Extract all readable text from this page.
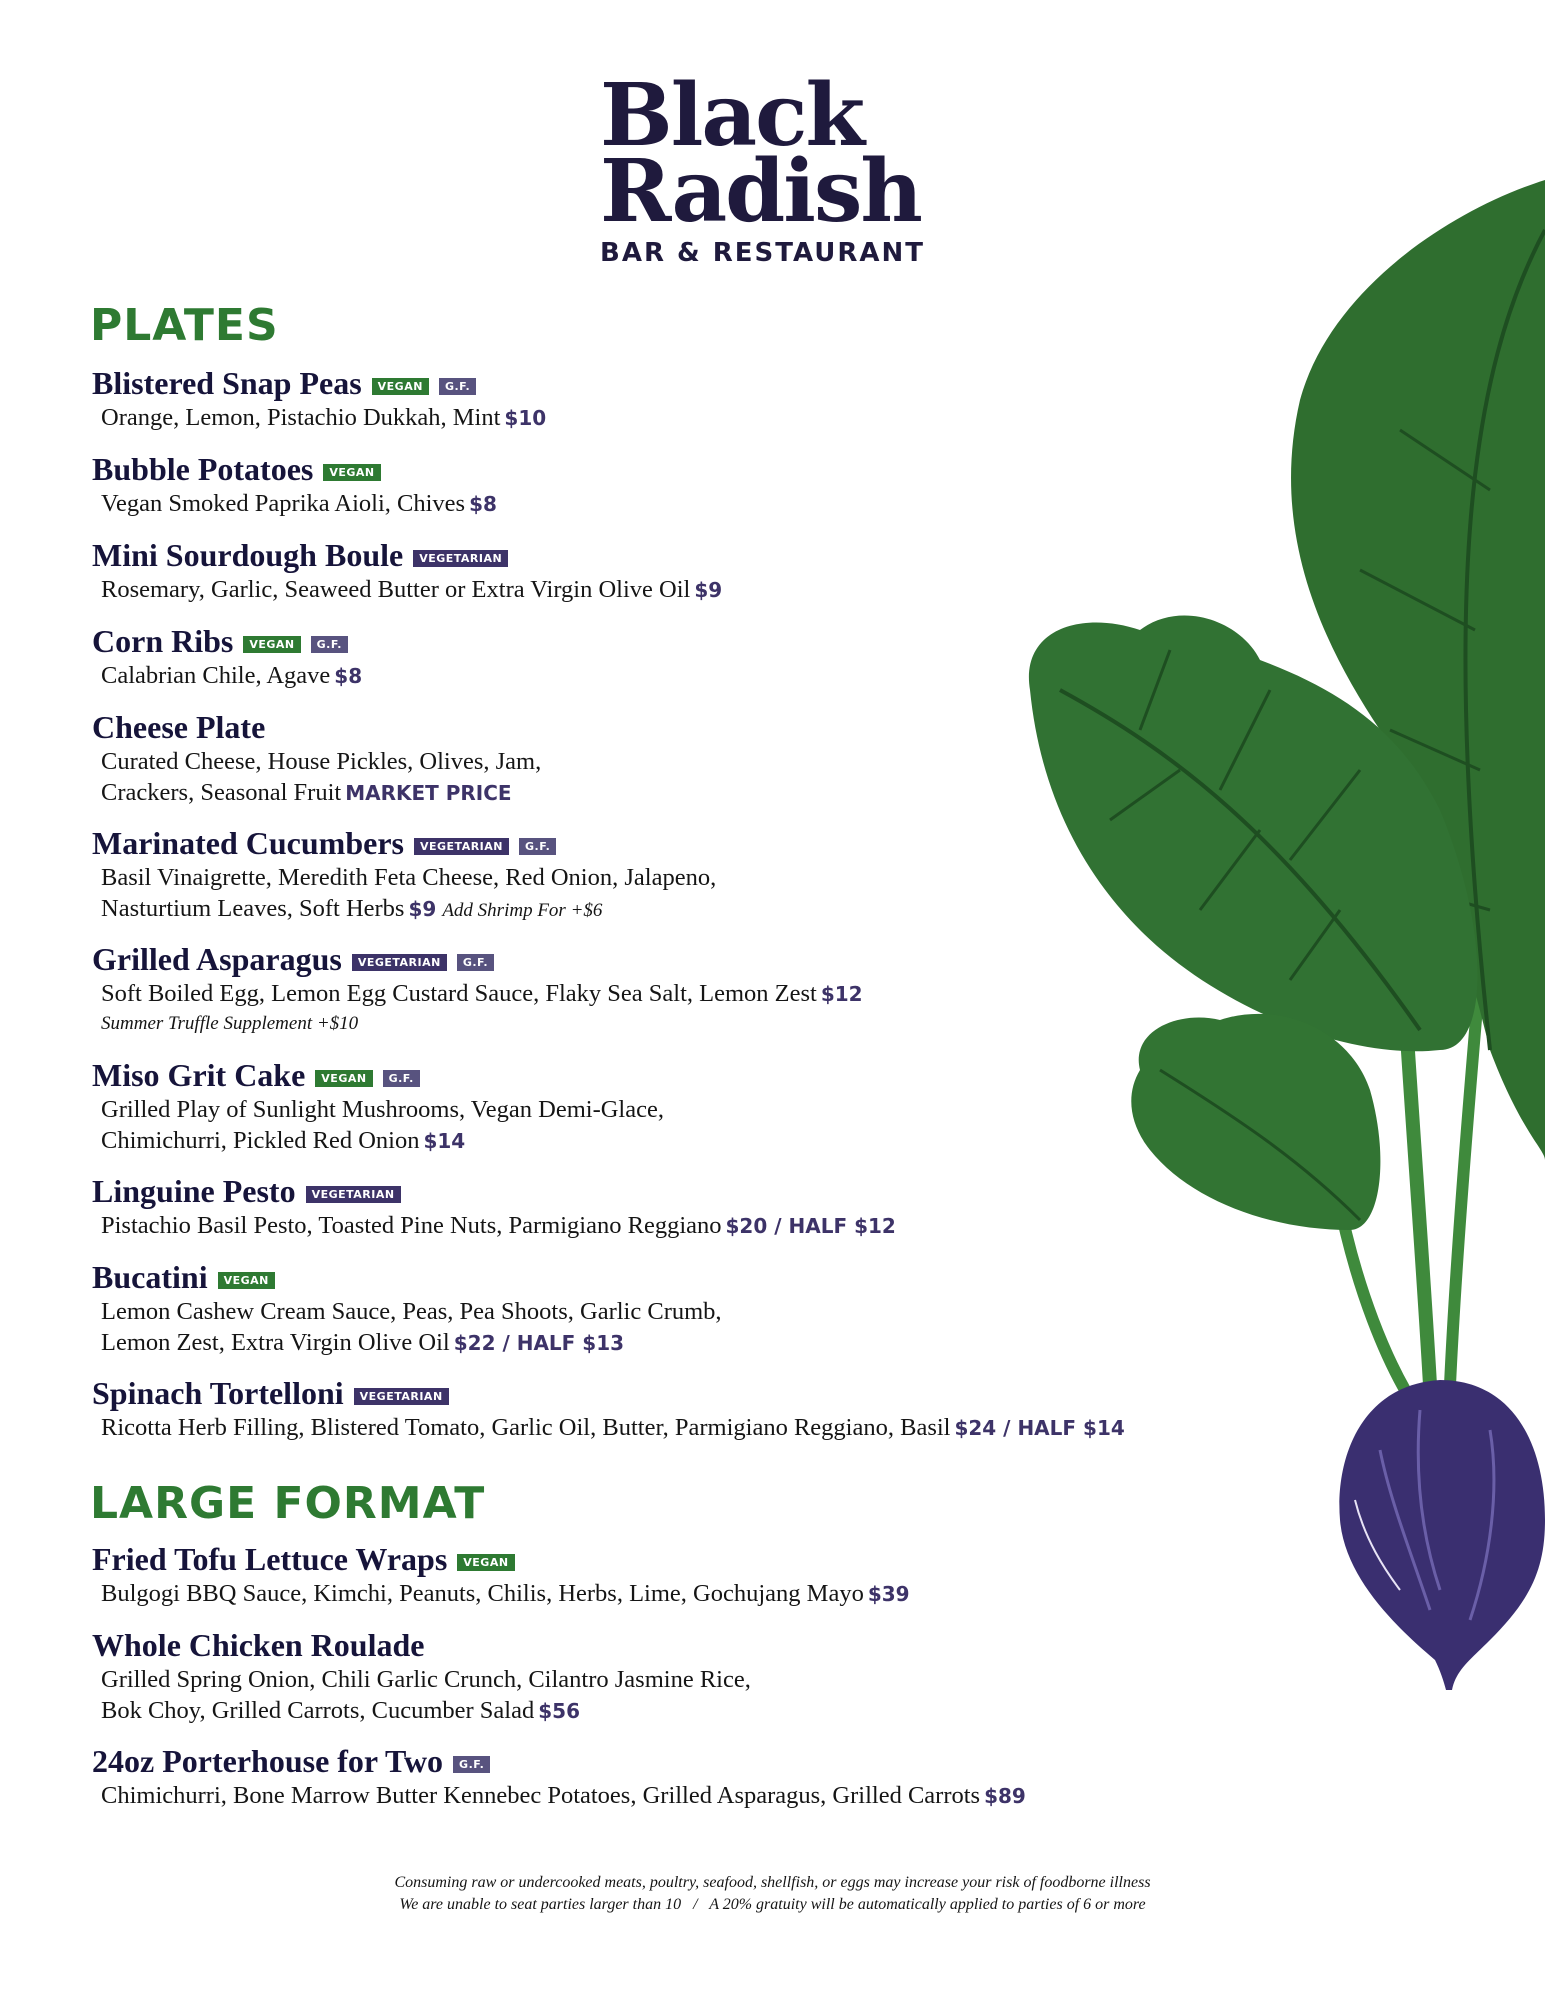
Black
Radish
BAR & RESTAURANT
PLATES
Blistered Snap Peas	VEGAN	G.F.
Orange, Lemon, Pistachio Dukkah, Mint $10
Bubble Potatoes	VEGAN
Vegan Smoked Paprika Aioli, Chives $8
Mini Sourdough Boule	VEGETARIAN
Rosemary, Garlic, Seaweed Butter or Extra Virgin Olive Oil $9
Corn Ribs	VEGAN	G.F.
Calabrian Chile, Agave $8
Cheese Plate
Curated Cheese, House Pickles, Olives, Jam,
Crackers, Seasonal Fruit MARKET PRICE
Marinated Cucumbers	VEGETARIAN	G.F.
Basil Vinaigrette, Meredith Feta Cheese, Red Onion, Jalapeno,
Nasturtium Leaves, Soft Herbs $9 Add Shrimp For +$6
Grilled Asparagus	VEGETARIAN	G.F.
Soft Boiled Egg, Lemon Egg Custard Sauce, Flaky Sea Salt, Lemon Zest $12
Summer Truffle Supplement +$10
Miso Grit Cake	VEGAN	G.F.
Grilled Play of Sunlight Mushrooms, Vegan Demi-Glace,
Chimichurri, Pickled Red Onion $14
Linguine Pesto	VEGETARIAN
Pistachio Basil Pesto, Toasted Pine Nuts, Parmigiano Reggiano $20 / HALF $12
Bucatini	VEGAN
Lemon Cashew Cream Sauce, Peas, Pea Shoots, Garlic Crumb,
Lemon Zest, Extra Virgin Olive Oil $22 / HALF $13
Spinach Tortelloni	VEGETARIAN
Ricotta Herb Filling, Blistered Tomato, Garlic Oil, Butter, Parmigiano Reggiano, Basil $24 / HALF $14
LARGE FORMAT
Fried Tofu Lettuce Wraps	VEGAN
Bulgogi BBQ Sauce, Kimchi, Peanuts, Chilis, Herbs, Lime, Gochujang Mayo $39
Whole Chicken Roulade
Grilled Spring Onion, Chili Garlic Crunch, Cilantro Jasmine Rice,
Bok Choy, Grilled Carrots, Cucumber Salad $56
24oz Porterhouse for Two	G.F.
Chimichurri, Bone Marrow Butter Kennebec Potatoes, Grilled Asparagus, Grilled Carrots $89
Consuming raw or undercooked meats, poultry, seafood, shellfish, or eggs may increase your risk of foodborne illness
We are unable to seat parties larger than 10   /   A 20% gratuity will be automatically applied to parties of 6 or more
